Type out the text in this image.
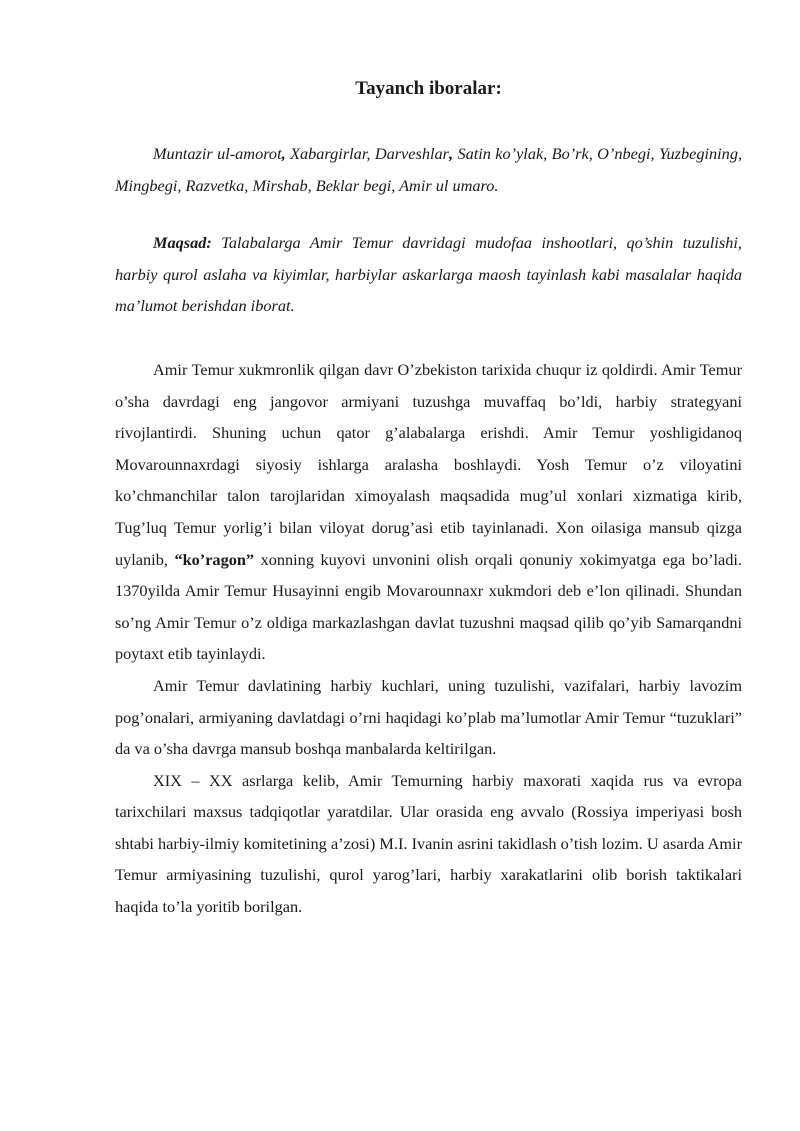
Tayanch iboralar:

Muntazir ul-amorot, Xabargirlar, Darveshlar, Satin ko’ylak, Bo’rk, O’nbegi, Yuzbegining, Mingbegi, Razvetka, Mirshab, Beklar begi, Amir ul umaro.

Maqsad: Talabalarga Amir Temur davridagi mudofaa inshootlari, qo’shin tuzulishi, harbiy qurol aslaha va kiyimlar, harbiylar askarlarga maosh tayinlash kabi masalalar haqida ma’lumot berishdan iborat.

Amir Temur xukmronlik qilgan davr O’zbekiston tarixida chuqur iz qoldirdi. Amir Temur o’sha davrdagi eng jangovor armiyani tuzushga muvaffaq bo’ldi, harbiy strategyani rivojlantirdi. Shuning uchun qator g’alabalarga erishdi. Amir Temur yoshligidanoq Movarounnaxrdagi siyosiy ishlarga aralasha boshlaydi. Yosh Temur o’z viloyatini ko’chmanchilar talon tarojlaridan ximoyalash maqsadida mug’ul xonlari xizmatiga kirib, Tug’luq Temur yorlig’i bilan viloyat dorug’asi etib tayinlanadi. Xon oilasiga mansub qizga uylanib, “ko’ragon” xonning kuyovi unvonini olish orqali qonuniy xokimyatga ega bo’ladi. 1370yilda Amir Temur Husayinni engib Movarounnaxr xukmdori deb e’lon qilinadi. Shundan so’ng Amir Temur o’z oldiga markazlashgan davlat tuzushni maqsad qilib qo’yib Samarqandni poytaxt etib tayinlaydi.

Amir Temur davlatining harbiy kuchlari, uning tuzulishi, vazifalari, harbiy lavozim pog’onalari, armiyaning davlatdagi o’rni haqidagi ko’plab ma’lumotlar Amir Temur “tuzuklari” da va o’sha davrga mansub boshqa manbalarda keltirilgan.

XIX – XX asrlarga kelib, Amir Temurning harbiy maxorati xaqida rus va evropa tarixchilari maxsus tadqiqotlar yaratdilar. Ular orasida eng avvalo (Rossiya imperiyasi bosh shtabi harbiy-ilmiy komitetining a’zosi) M.I. Ivanin asrini takidlash o’tish lozim. U asarda Amir Temur armiyasining tuzulishi, qurol yarog’lari, harbiy xarakatlarini olib borish taktikalari haqida to’la yoritib borilgan.
